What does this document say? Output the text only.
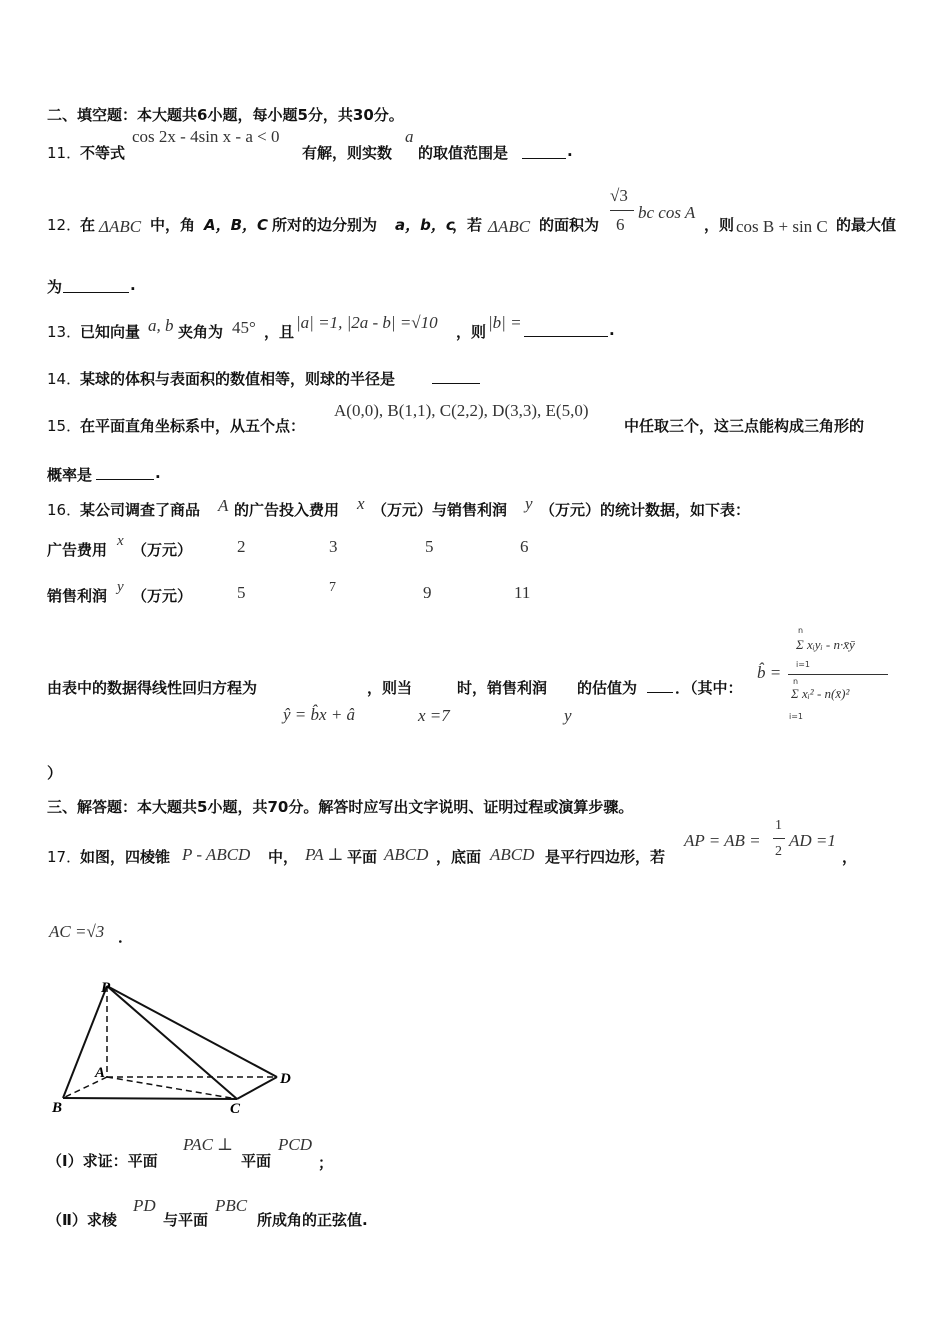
二、填空题：本大题共6小题，每小题5分，共30分。
11．
不等式
cos 2x - 4sin x - a < 0
有解，则实数
a
的取值范围是	.
12．
在 ΔABC 中，角 A，B，C 所对的边分别为 a，b，c
，若 ΔABC 的面积为
√3
6
bc cos A
，则 cos B + sin C 的最大值
为	.
13．
已知向量 a, b 夹角为 45° ，且 |a| =1, |2a - b| =√10 ，则 |b| =	.
14．
某球的体积与表面积的数值相等，则球的半径是
15．
在平面直角坐标系中，从五个点：
A(0,0), B(1,1), C(2,2), D(3,3), E(5,0)
中任取三个，这三点能构成三角形的
概率是	.
16．
某公司调查了商品 A 的广告投入费用 x （万元）与销售利润 y （万元）的统计数据，如下表：
广告费用 x （万元）	2	3	5	6
销售利润 y （万元）	5	7	9	11
由表中的数据得线性回归方程为	，则当	时，销售利润 的估值为	．（其中：
ŷ = b̂x + â	x =7	y
b̂ =
Σ xᵢyᵢ - n·x̄ȳ
Σ xᵢ² - n(x̄)²
n
i=1
n
i=1
）
三、解答题：本大题共5小题，共70分。解答时应写出文字说明、证明过程或演算步骤。
17．
如图，四棱锥 P - ABCD 中， PA ⊥ 平面 ABCD ，底面 ABCD 是平行四边形，若
AP = AB =
1
2
AD =1
，
AC =√3 ．
P
A
B	C
D
（Ⅰ）求证：平面
PAC ⊥
平面
PCD
；
（Ⅱ）求棱
PD
与平面
PBC
所成角的正弦值.
